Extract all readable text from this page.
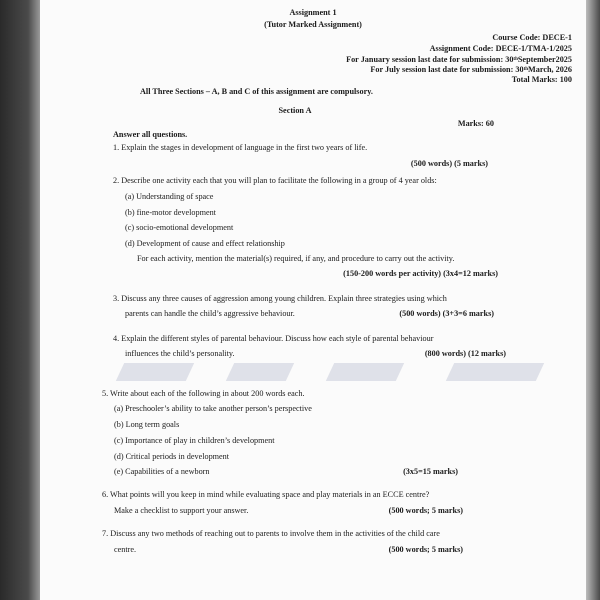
Assignment 1
(Tutor Marked Assignment)
Course Code: DECE-1
Assignment Code: DECE-1/TMA-1/2025
For January session last date for submission: 30thSeptember2025
For July session last date for submission: 30thMarch, 2026
Total Marks: 100
All Three Sections – A, B and C of this assignment are compulsory.
Section A
Marks: 60
Answer all questions.
1. Explain the stages in development of language in the first two years of life.
(500 words) (5 marks)
2. Describe one activity each that you will plan to facilitate the following in a group of 4 year olds:
(a) Understanding of space
(b) fine-motor development
(c) socio-emotional development
(d) Development of cause and effect relationship
For each activity, mention the material(s) required, if any, and procedure to carry out the activity.
(150-200 words per activity) (3x4=12 marks)
3. Discuss any three causes of aggression among young children. Explain three strategies using which
parents can handle the child’s aggressive behaviour.	(500 words) (3+3=6 marks)
4. Explain the different styles of parental behaviour. Discuss how each style of parental behaviour
influences the child’s personality.	(800 words) (12 marks)
5. Write about each of the following in about 200 words each.
(a) Preschooler’s ability to take another person’s perspective
(b) Long term goals
(c) Importance of play in children’s development
(d) Critical periods in development
(e) Capabilities of a newborn	(3x5=15 marks)
6. What points will you keep in mind while evaluating space and play materials in an ECCE centre?
Make a checklist to support your answer.	(500 words; 5 marks)
7. Discuss any two methods of reaching out to parents to involve them in the activities of the child care
centre.	(500 words; 5 marks)
